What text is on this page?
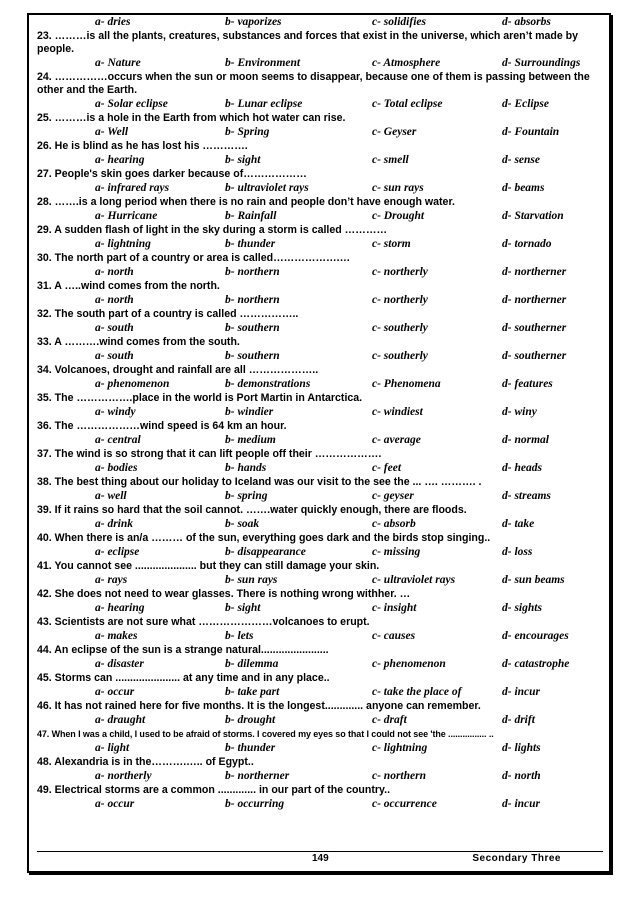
a- dries	b- vaporizes	c- solidifies	d- absorbs
23. ………is all the plants, creatures, substances and forces that exist in the universe, which aren’t made by people.
a- Nature	b- Environment	c- Atmosphere	d- Surroundings
24. ……………occurs when the sun or moon seems to disappear, because one of them is passing between the other and the Earth.
a- Solar eclipse	b- Lunar eclipse	c- Total eclipse	d- Eclipse
25. ………is a hole in the Earth from which hot water can rise.
a- Well	b- Spring	c- Geyser	d- Fountain
26. He is blind as he has lost his ………….
a- hearing	b- sight	c- smell	d- sense
27. People's skin goes darker because of………………
a- infrared rays	b- ultraviolet rays	c- sun rays	d- beams
28. …….is a long period when there is no rain and people don’t have enough water.
a- Hurricane	b- Rainfall	c- Drought	d- Starvation
29. A sudden flash of light in the sky during a storm is called …………
a- lightning	b- thunder	c- storm	d- tornado
30. The north part of a country or area is called……………….…
a- north	b- northern	c- northerly	d- northerner
31. A …..wind comes from the north.
a- north	b- northern	c- northerly	d- northerner
32. The south part of a country is called ……………..
a- south	b- southern	c- southerly	d- southerner
33. A ……….wind comes from the south.
a- south	b- southern	c- southerly	d- southerner
34. Volcanoes, drought and rainfall are all ………………..
a- phenomenon	b- demonstrations	c- Phenomena	d- features
35. The …………….place in the world is Port Martin in Antarctica.
a- windy	b- windier	c- windiest	d- winy
36. The ………………wind speed is 64 km an hour.
a- central	b- medium	c- average	d- normal
37. The wind is so strong that it can lift people off their ……………….
a- bodies	b- hands	c- feet	d- heads
38. The best thing about our holiday to Iceland was our visit to the see the ... …. ………. .
a- well	b- spring	c- geyser	d- streams
39. If it rains so hard that the soil cannot. …….water quickly enough, there are floods.
a- drink	b- soak	c- absorb	d- take
40. When there is an/a ……… of the sun, everything goes dark and the birds stop singing..
a- eclipse	b- disappearance	c- missing	d- loss
41. You cannot see ..................... but they can still damage your skin.
a- rays	b- sun rays	c- ultraviolet rays	d- sun beams
42. She does not need to wear glasses. There is nothing wrong withher. …
a- hearing	b- sight	c- insight	d- sights
43. Scientists are not sure what …………………volcanoes to erupt.
a- makes	b- lets	c- causes	d- encourages
44. An eclipse of the sun is a strange natural.......................
a- disaster	b- dilemma	c- phenomenon	d- catastrophe
45. Storms can ...................... at any time and in any place..
a- occur	b- take part	c- take the place of	d- incur
46. It has not rained here for five months. It is the longest............. anyone can remember.
a- draught	b- drought	c- draft	d- drift
47. When I was a child, I used to be afraid of storms. I covered my eyes so that I could not see 'the ................ ..
a- light	b- thunder	c- lightning	d- lights
48. Alexandria is in the……….….. of Egypt..
a- northerly	b- northerner	c- northern	d- north
49. Electrical storms are a common ............. in our part of the country..
a- occur	b- occurring	c- occurrence	d- incur
149	Secondary Three
